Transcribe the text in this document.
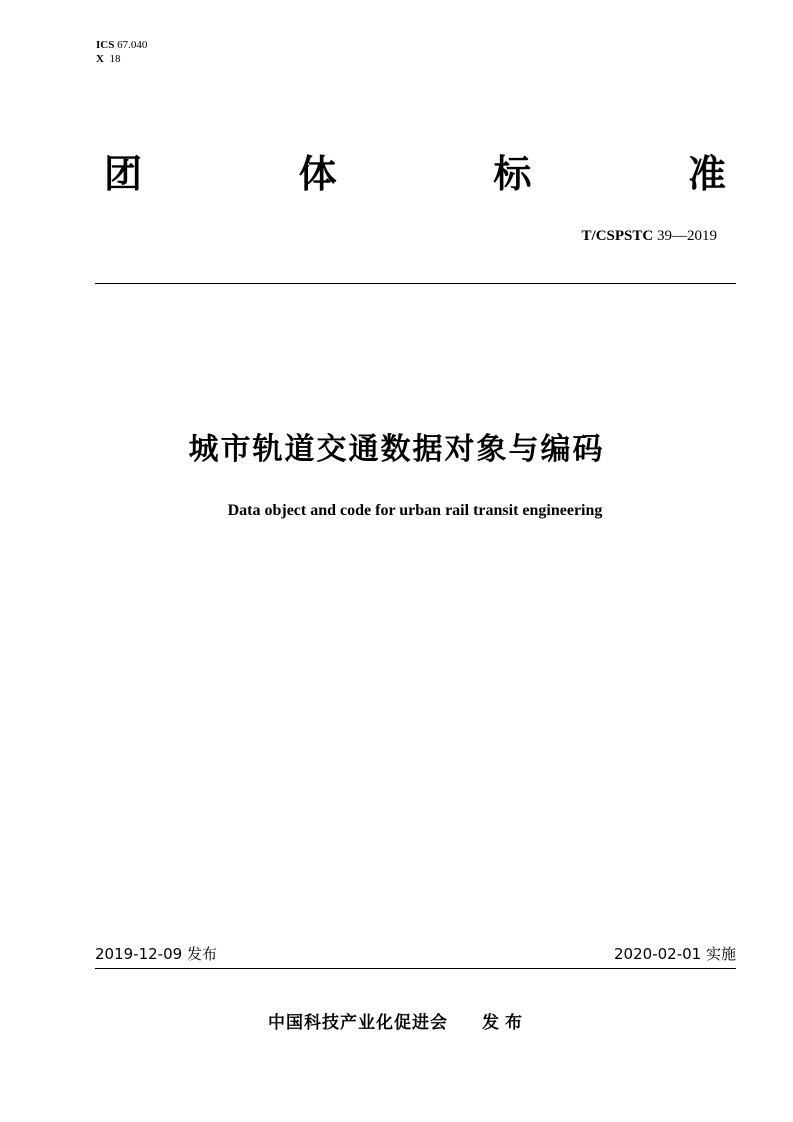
ICS 67.040
X 18
团	体	标	准
T/CSPSTC 39—2019
城市轨道交通数据对象与编码
Data object and code for urban rail transit engineering
2019-12-09 发布	2020-02-01 实施
中国科技产业化促进会 发布
